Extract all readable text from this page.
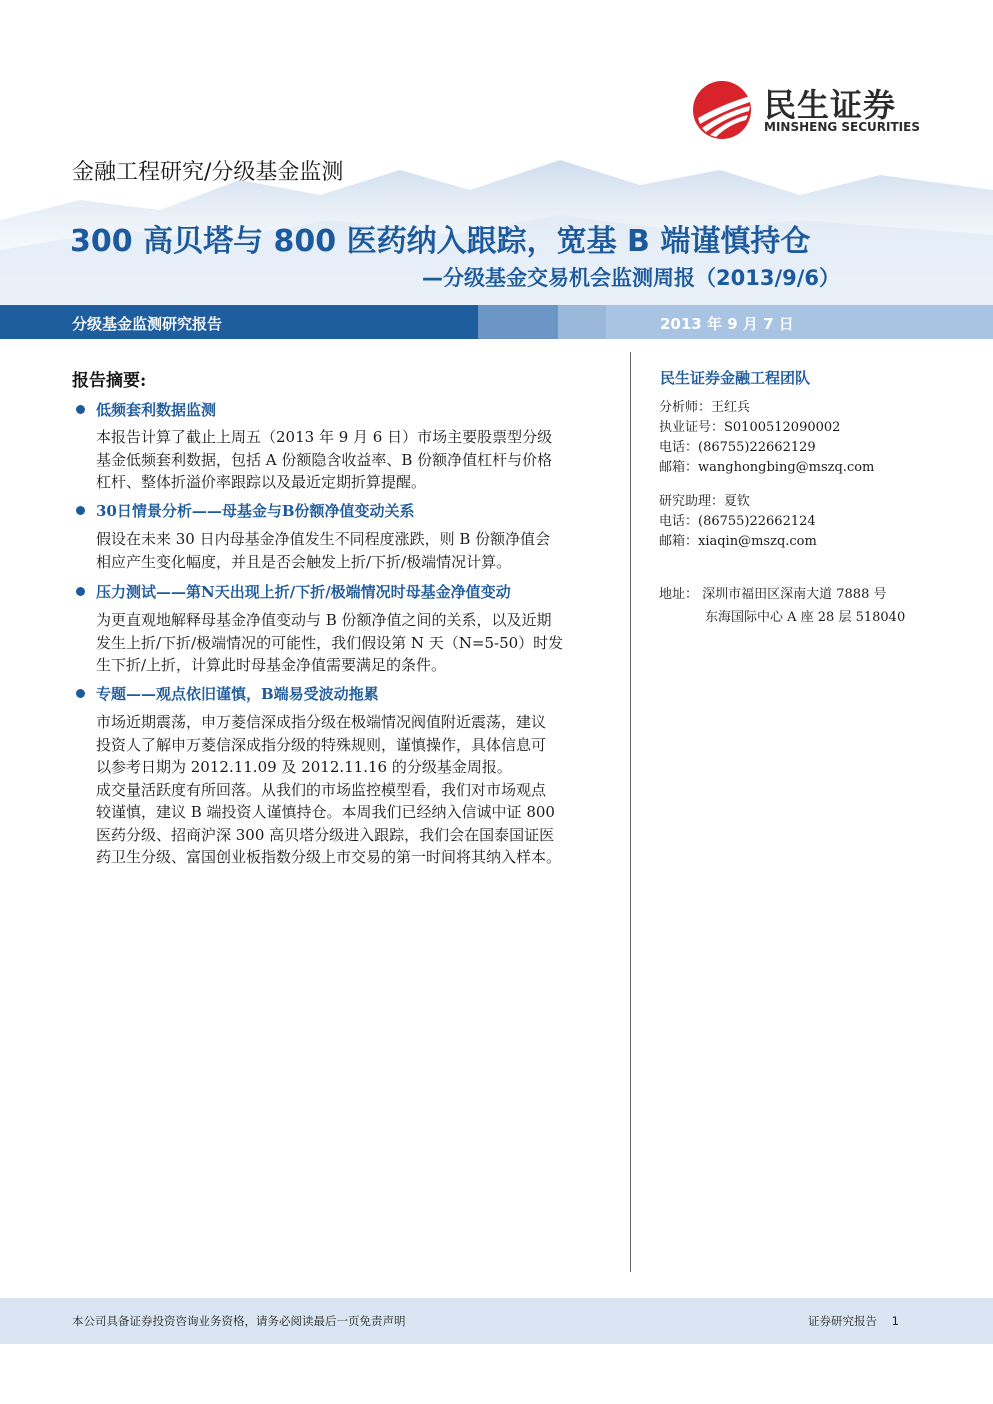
民生证券
MINSHENG SECURITIES
金融工程研究/分级基金监测
300 高贝塔与 800 医药纳入跟踪，宽基 B 端谨慎持仓
—分级基金交易机会监测周报（2013/9/6）
分级基金监测研究报告	2013 年 9 月 7 日
报告摘要:
低频套利数据监测
本报告计算了截止上周五（2013 年 9 月 6 日）市场主要股票型分级
基金低频套利数据，包括 A 份额隐含收益率、B 份额净值杠杆与价格
杠杆、整体折溢价率跟踪以及最近定期折算提醒。
30日情景分析——母基金与B份额净值变动关系
假设在未来 30 日内母基金净值发生不同程度涨跌，则 B 份额净值会
相应产生变化幅度，并且是否会触发上折/下折/极端情况计算。
压力测试——第N天出现上折/下折/极端情况时母基金净值变动
为更直观地解释母基金净值变动与 B 份额净值之间的关系，以及近期
发生上折/下折/极端情况的可能性，我们假设第 N 天（N=5-50）时发
生下折/上折，计算此时母基金净值需要满足的条件。
专题——观点依旧谨慎，B端易受波动拖累
市场近期震荡，申万菱信深成指分级在极端情况阀值附近震荡，建议
投资人了解申万菱信深成指分级的特殊规则，谨慎操作，具体信息可
以参考日期为 2012.11.09 及 2012.11.16 的分级基金周报。
成交量活跃度有所回落。从我们的市场监控模型看，我们对市场观点
较谨慎，建议 B 端投资人谨慎持仓。本周我们已经纳入信诚中证 800
医药分级、招商沪深 300 高贝塔分级进入跟踪，我们会在国泰国证医
药卫生分级、富国创业板指数分级上市交易的第一时间将其纳入样本。
民生证券金融工程团队
分析师：王红兵
执业证号：S0100512090002
电话：(86755)22662129
邮箱：wanghongbing@mszq.com
研究助理：夏钦
电话：(86755)22662124
邮箱：xiaqin@mszq.com
地址： 深圳市福田区深南大道 7888 号
东海国际中心 A 座 28 层 518040
本公司具备证券投资咨询业务资格，请务必阅读最后一页免责声明	证券研究报告    1
